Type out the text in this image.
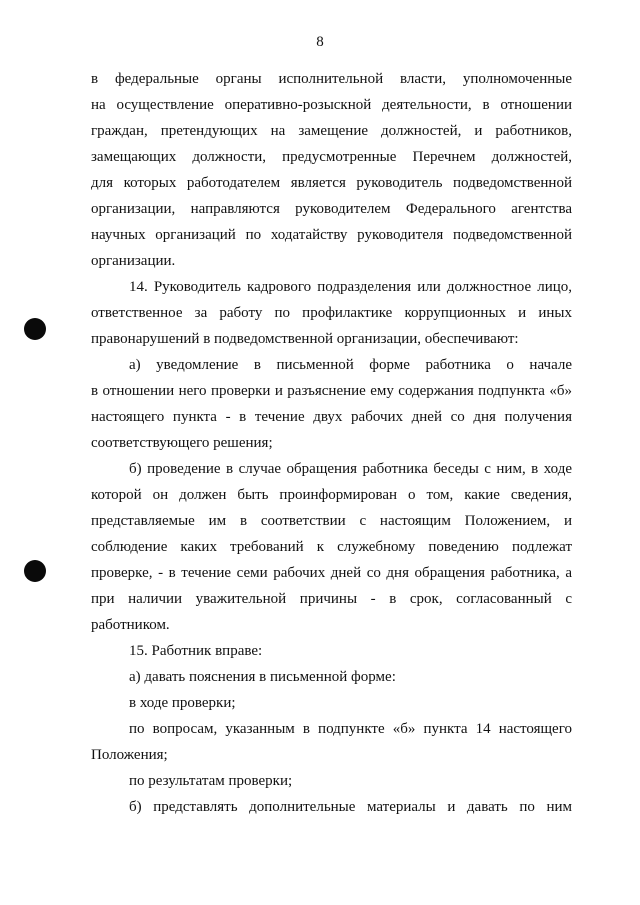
8

в федеральные органы исполнительной власти, уполномоченные
на осуществление оперативно-розыскной деятельности, в отношении
граждан, претендующих на замещение должностей, и работников,
замещающих должности, предусмотренные Перечнем должностей,
для которых работодателем является руководитель подведомственной
организации, направляются руководителем Федерального агентства
научных организаций по ходатайству руководителя подведомственной
организации.

14. Руководитель кадрового подразделения или должностное лицо,
ответственное за работу по профилактике коррупционных и иных
правонарушений в подведомственной организации, обеспечивают:

а) уведомление в письменной форме работника о начале
в отношении него проверки и разъяснение ему содержания подпункта «б»
настоящего пункта - в течение двух рабочих дней со дня получения
соответствующего решения;

б) проведение в случае обращения работника беседы с ним, в ходе
которой он должен быть проинформирован о том, какие сведения,
представляемые им в соответствии с настоящим Положением, и
соблюдение каких требований к служебному поведению подлежат
проверке, - в течение семи рабочих дней со дня обращения работника, а
при наличии уважительной причины - в срок, согласованный с
работником.

15. Работник вправе:

а) давать пояснения в письменной форме:

в ходе проверки;

по вопросам, указанным в подпункте «б» пункта 14 настоящего
Положения;

по результатам проверки;

б) представлять дополнительные материалы и давать по ним
